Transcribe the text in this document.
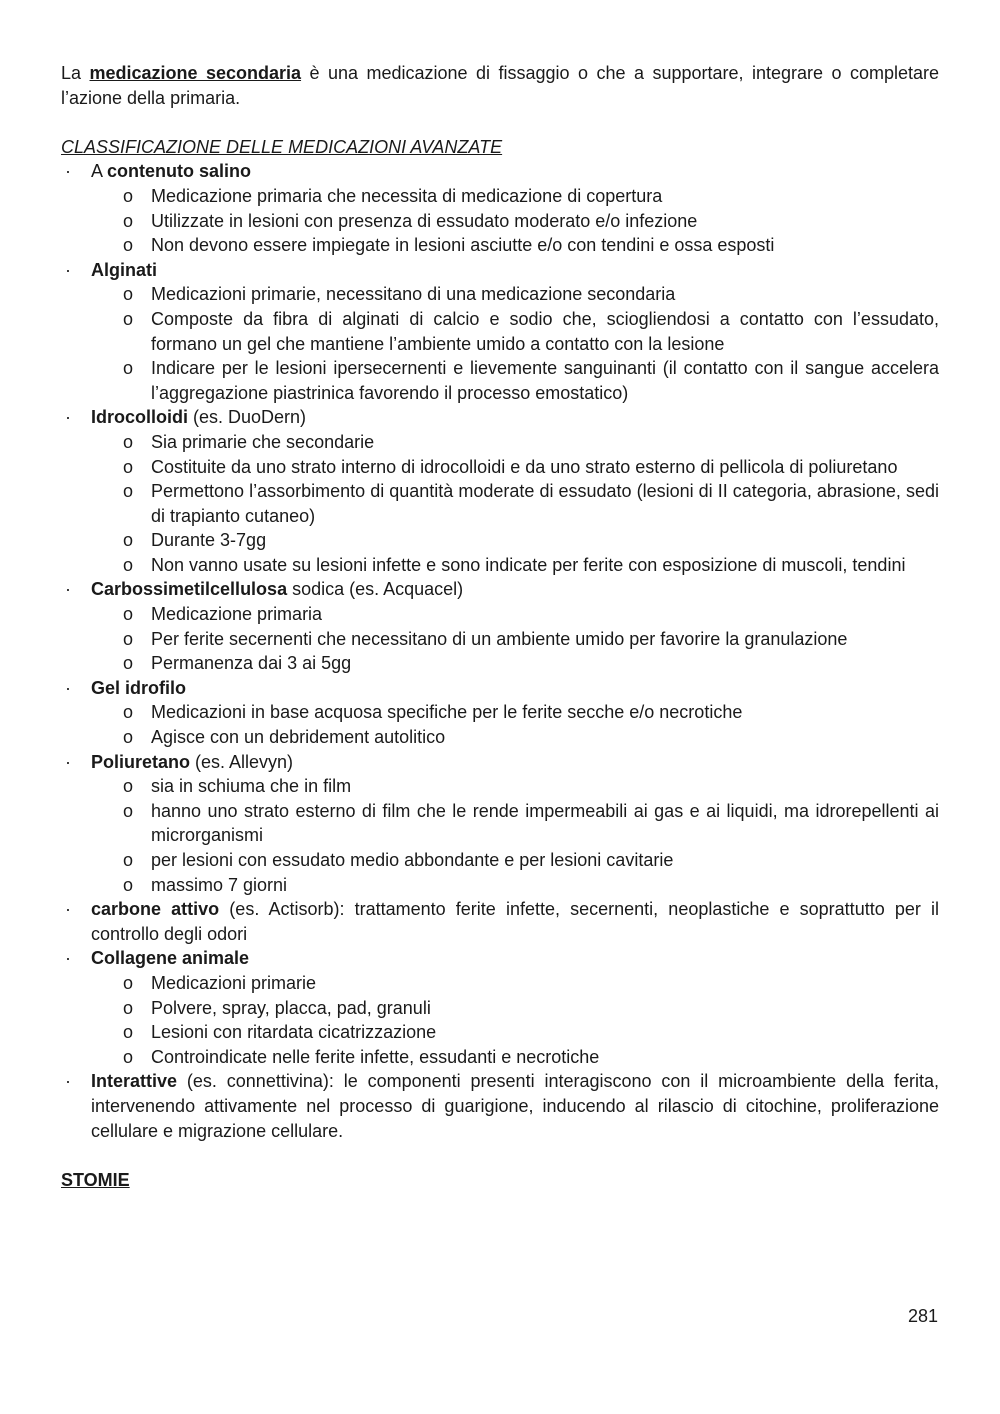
La medicazione secondaria è una medicazione di fissaggio o che a supportare, integrare o completare l’azione della primaria.

CLASSIFICAZIONE DELLE MEDICAZIONI AVANZATE

· A contenuto salino

o Medicazione primaria che necessita di medicazione di copertura

o Utilizzate in lesioni con presenza di essudato moderato e/o infezione

o Non devono essere impiegate in lesioni asciutte e/o con tendini e ossa esposti

· Alginati

o Medicazioni primarie, necessitano di una medicazione secondaria

o Composte da fibra di alginati di calcio e sodio che, sciogliendosi a contatto con l’essudato, formano un gel che mantiene l’ambiente umido a contatto con la lesione

o Indicare per le lesioni ipersecernenti e lievemente sanguinanti (il contatto con il sangue accelera l’aggregazione piastrinica favorendo il processo emostatico)

· Idrocolloidi (es. DuoDern)

o Sia primarie che secondarie

o Costituite da uno strato interno di idrocolloidi e da uno strato esterno di pellicola di poliuretano

o Permettono l’assorbimento di quantità moderate di essudato (lesioni di II categoria, abrasione, sedi di trapianto cutaneo)

o Durante 3-7gg

o Non vanno usate su lesioni infette e sono indicate per ferite con esposizione di muscoli, tendini

· Carbossimetilcellulosa sodica (es. Acquacel)

o Medicazione primaria

o Per ferite secernenti che necessitano di un ambiente umido per favorire la granulazione

o Permanenza dai 3 ai 5gg

· Gel idrofilo

o Medicazioni in base acquosa specifiche per le ferite secche e/o necrotiche

o Agisce con un debridement autolitico

· Poliuretano (es. Allevyn)

o sia in schiuma che in film

o hanno uno strato esterno di film che le rende impermeabili ai gas e ai liquidi, ma idrorepellenti ai microrganismi

o per lesioni con essudato medio abbondante e per lesioni cavitarie

o massimo 7 giorni

· carbone attivo (es. Actisorb): trattamento ferite infette, secernenti, neoplastiche e soprattutto per il controllo degli odori

· Collagene animale

o Medicazioni primarie

o Polvere, spray, placca, pad, granuli

o Lesioni con ritardata cicatrizzazione

o Controindicate nelle ferite infette, essudanti e necrotiche

· Interattive (es. connettivina): le componenti presenti interagiscono con il microambiente della ferita, intervenendo attivamente nel processo di guarigione, inducendo al rilascio di citochine, proliferazione cellulare e migrazione cellulare.

STOMIE

281
